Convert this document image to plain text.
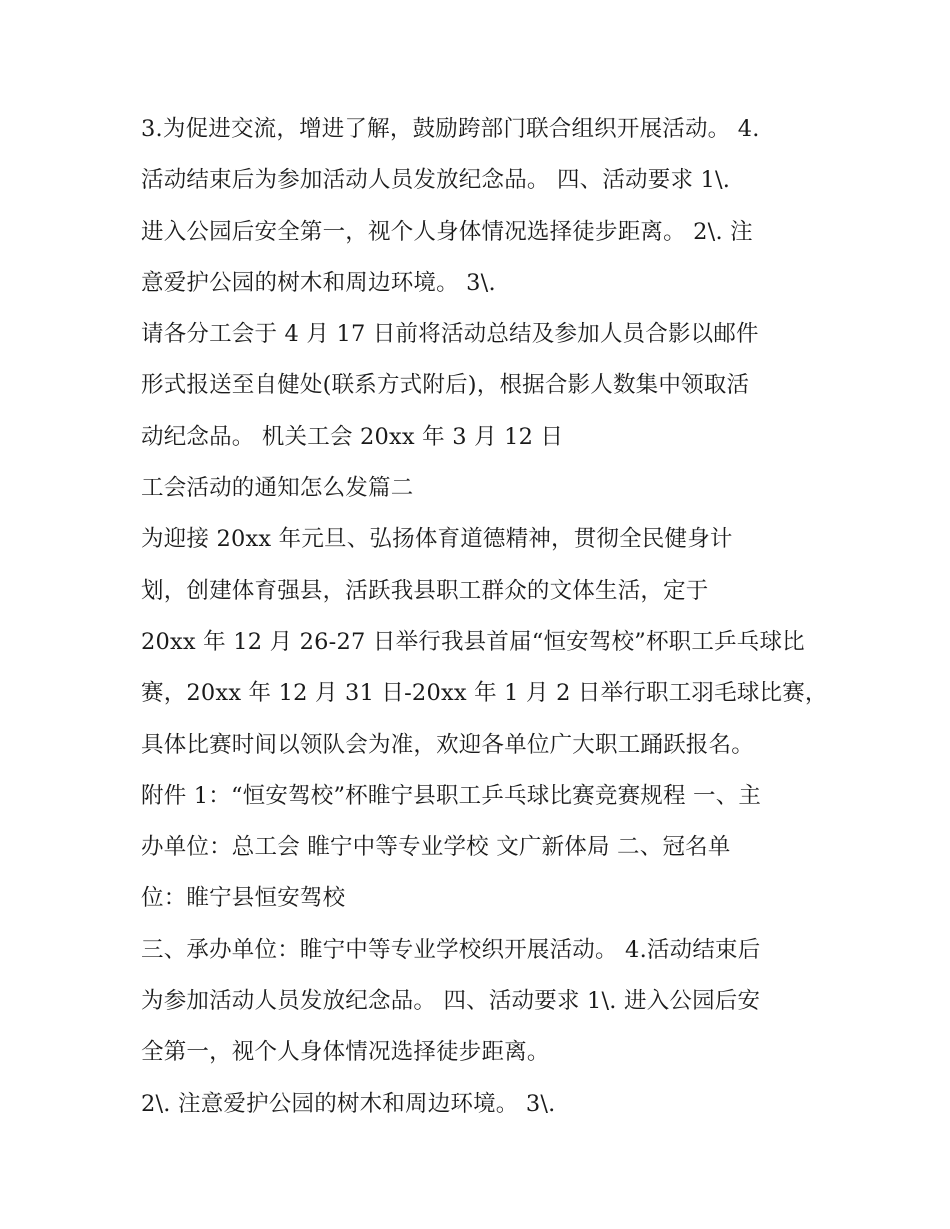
3.为促进交流，增进了解，鼓励跨部门联合组织开展活动。 4.
活动结束后为参加活动人员发放纪念品。 四、活动要求 1\.
进入公园后安全第一，视个人身体情况选择徒步距离。 2\. 注
意爱护公园的树木和周边环境。 3\.
请各分工会于 4 月 17 日前将活动总结及参加人员合影以邮件
形式报送至自健处(联系方式附后)，根据合影人数集中领取活
动纪念品。 机关工会 20xx 年 3 月 12 日
工会活动的通知怎么发篇二
为迎接 20xx 年元旦、弘扬体育道德精神，贯彻全民健身计
划，创建体育强县，活跃我县职工群众的文体生活，定于
20xx 年 12 月 26-27 日举行我县首届“恒安驾校”杯职工乒乓球比
赛，20xx 年 12 月 31 日-20xx 年 1 月 2 日举行职工羽毛球比赛，
具体比赛时间以领队会为准，欢迎各单位广大职工踊跃报名。
附件 1：“恒安驾校”杯睢宁县职工乒乓球比赛竞赛规程 一、主
办单位：总工会 睢宁中等专业学校 文广新体局 二、冠名单
位：睢宁县恒安驾校
三、承办单位：睢宁中等专业学校织开展活动。 4.活动结束后
为参加活动人员发放纪念品。 四、活动要求 1\. 进入公园后安
全第一，视个人身体情况选择徒步距离。
2\. 注意爱护公园的树木和周边环境。 3\.
